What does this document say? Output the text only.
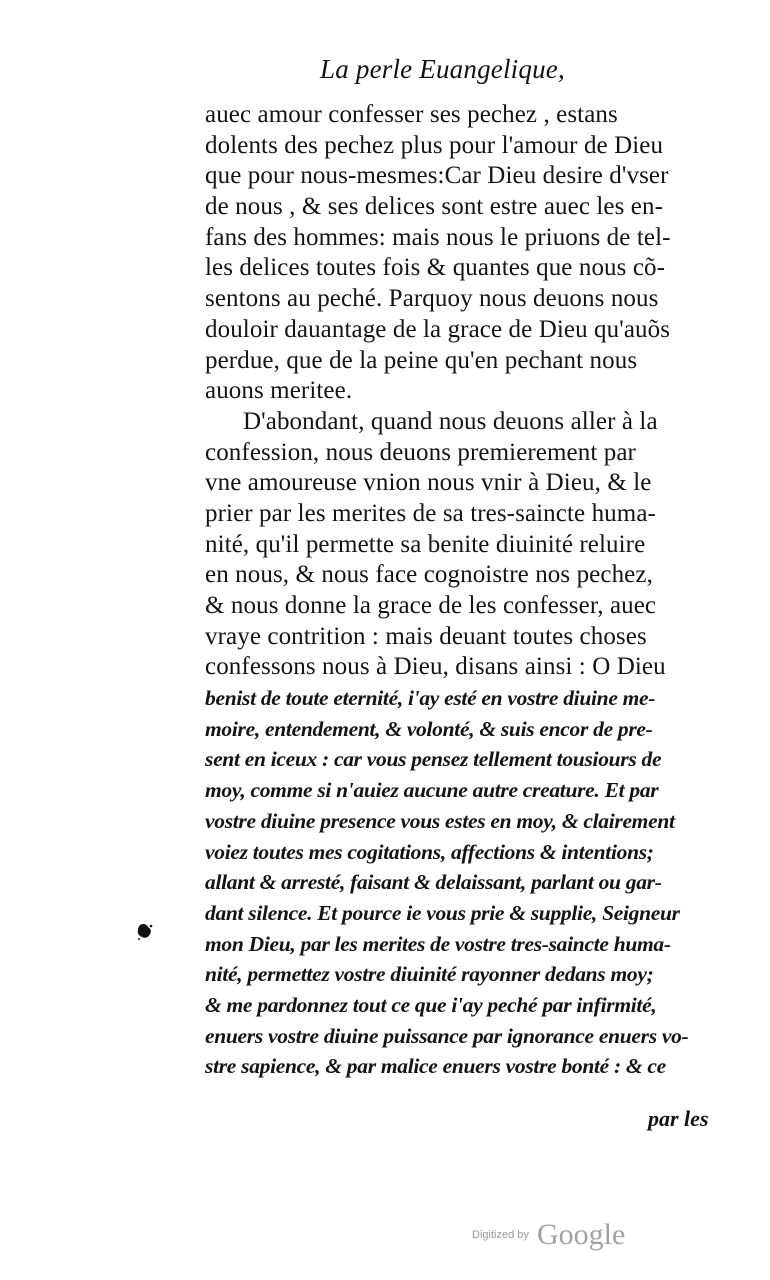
La perle Euangelique,
auec amour confesser ses pechez , estans
dolents des pechez plus pour l'amour de Dieu
que pour nous-mesmes:Car Dieu desire d'vser
de nous , & ses delices sont estre auec les en-
fans des hommes: mais nous le priuons de tel-
les delices toutes fois & quantes que nous cõ-
sentons au peché. Parquoy nous deuons nous
douloir dauantage de la grace de Dieu qu'auõs
perdue, que de la peine qu'en pechant nous
auons meritee.
D'abondant, quand nous deuons aller à la
confession, nous deuons premierement par
vne amoureuse vnion nous vnir à Dieu, & le
prier par les merites de sa tres-saincte huma-
nité, qu'il permette sa benite diuinité reluire
en nous, & nous face cognoistre nos pechez,
& nous donne la grace de les confesser, auec
vraye contrition : mais deuant toutes choses
confessons nous à Dieu, disans ainsi : O Dieu
benist de toute eternité, i'ay esté en vostre diuine me-
moire, entendement, & volonté, & suis encor de pre-
sent en iceux : car vous pensez tellement tousiours de
moy, comme si n'auiez aucune autre creature. Et par
vostre diuine presence vous estes en moy, & clairement
voiez toutes mes cogitations, affections & intentions;
allant & arresté, faisant & delaissant, parlant ou gar-
dant silence. Et pource ie vous prie & supplie, Seigneur
mon Dieu, par les merites de vostre tres-saincte huma-
nité, permettez vostre diuinité rayonner dedans moy;
& me pardonnez tout ce que i'ay peché par infirmité,
enuers vostre diuine puissance par ignorance enuers vo-
stre sapience, & par malice enuers vostre bonté : & ce
par les
Digitized by Google
